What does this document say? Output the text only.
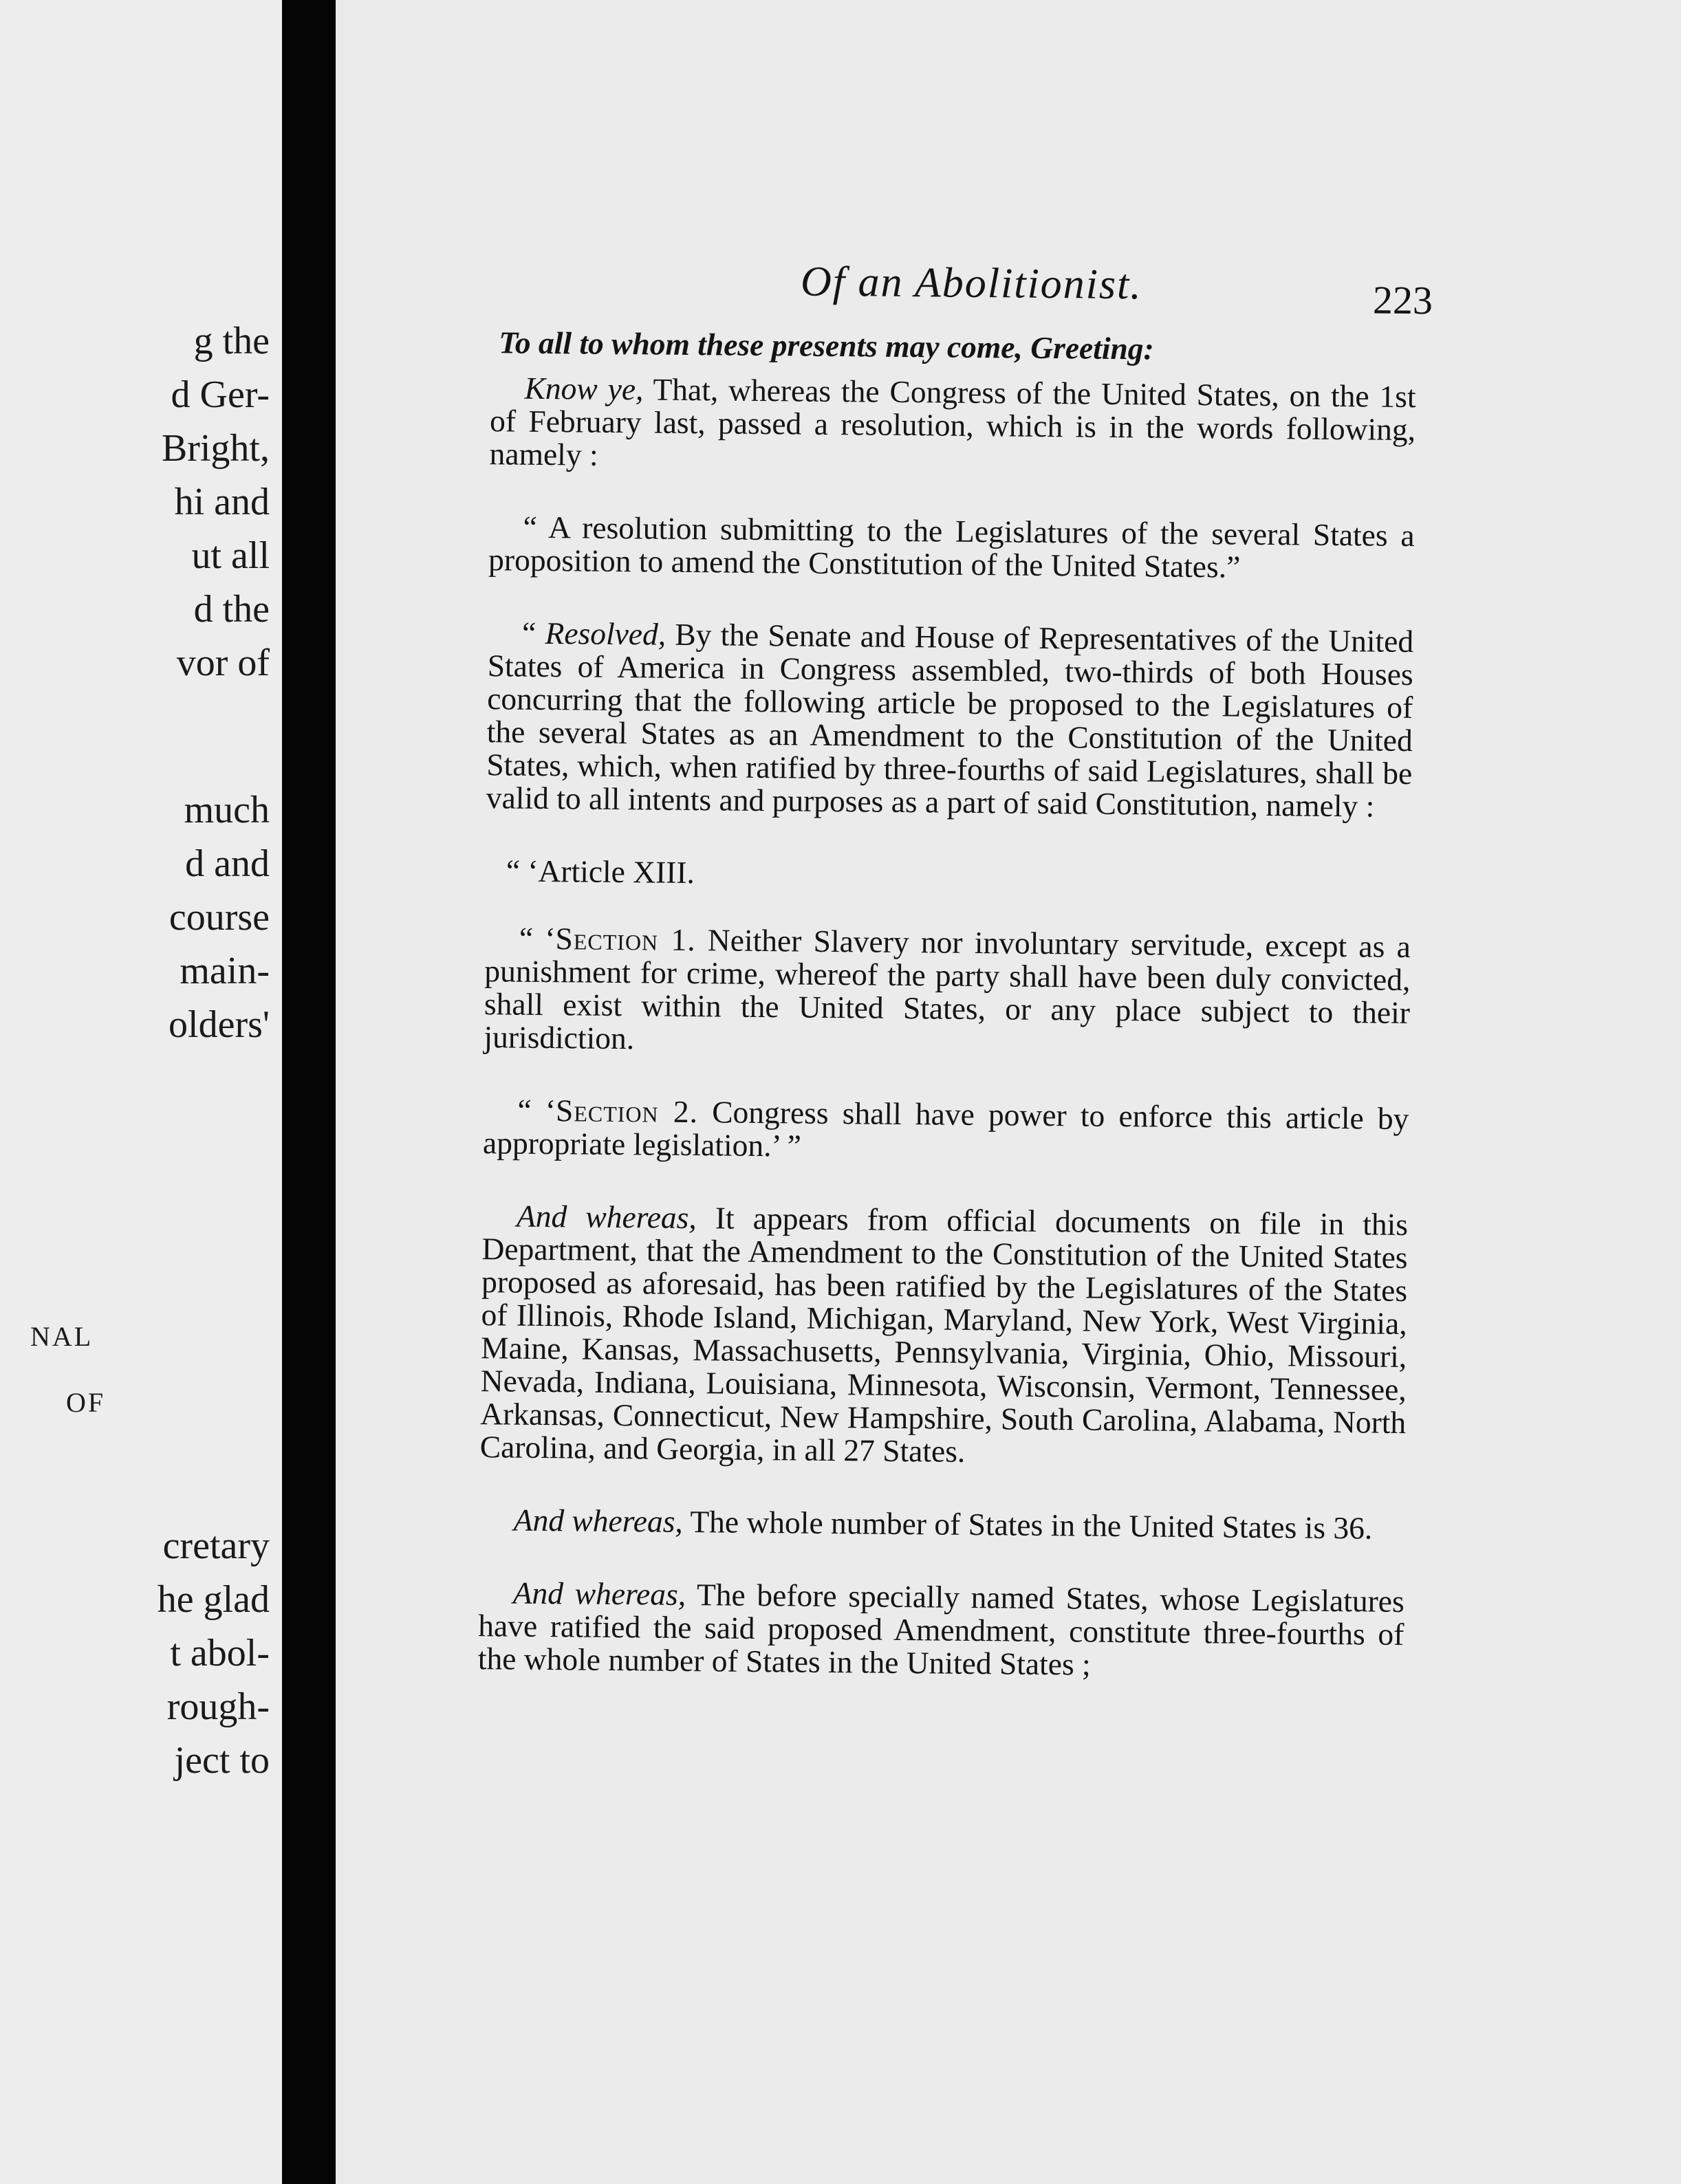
g the
d Ger-
Bright,
hi and
ut all
d the
vor of
much
d and
course
main-
olders'
NAL
OF
cretary
he glad
t abol-
rough-
ject to
Of an Abolitionist.	223

To all to whom these presents may come, Greeting:

Know ye, That, whereas the Congress of the United States, on the 1st of February last, passed a resolution, which is in the words following, namely :

“ A resolution submitting to the Legislatures of the several States a proposition to amend the Constitution of the United States.”

“ Resolved, By the Senate and House of Representatives of the United States of America in Congress assembled, two-thirds of both Houses concurring that the following article be proposed to the Legislatures of the several States as an Amendment to the Constitution of the United States, which, when ratified by three-fourths of said Legislatures, shall be valid to all intents and purposes as a part of said Constitution, namely :

“ ‘Article XIII.

“ ‘Section 1. Neither Slavery nor involuntary servitude, except as a punishment for crime, whereof the party shall have been duly convicted, shall exist within the United States, or any place subject to their jurisdiction.

“ ‘Section 2. Congress shall have power to enforce this article by appropriate legislation.’ ”

And whereas, It appears from official documents on file in this Department, that the Amendment to the Constitution of the United States proposed as aforesaid, has been ratified by the Legislatures of the States of Illinois, Rhode Island, Michigan, Maryland, New York, West Virginia, Maine, Kansas, Massachusetts, Pennsylvania, Virginia, Ohio, Missouri, Nevada, Indiana, Louisiana, Minnesota, Wisconsin, Vermont, Tennessee, Arkansas, Connecticut, New Hampshire, South Carolina, Alabama, North Carolina, and Georgia, in all 27 States.

And whereas, The whole number of States in the United States is 36.

And whereas, The before specially named States, whose Legislatures have ratified the said proposed Amendment, constitute three-fourths of the whole number of States in the United States ;
